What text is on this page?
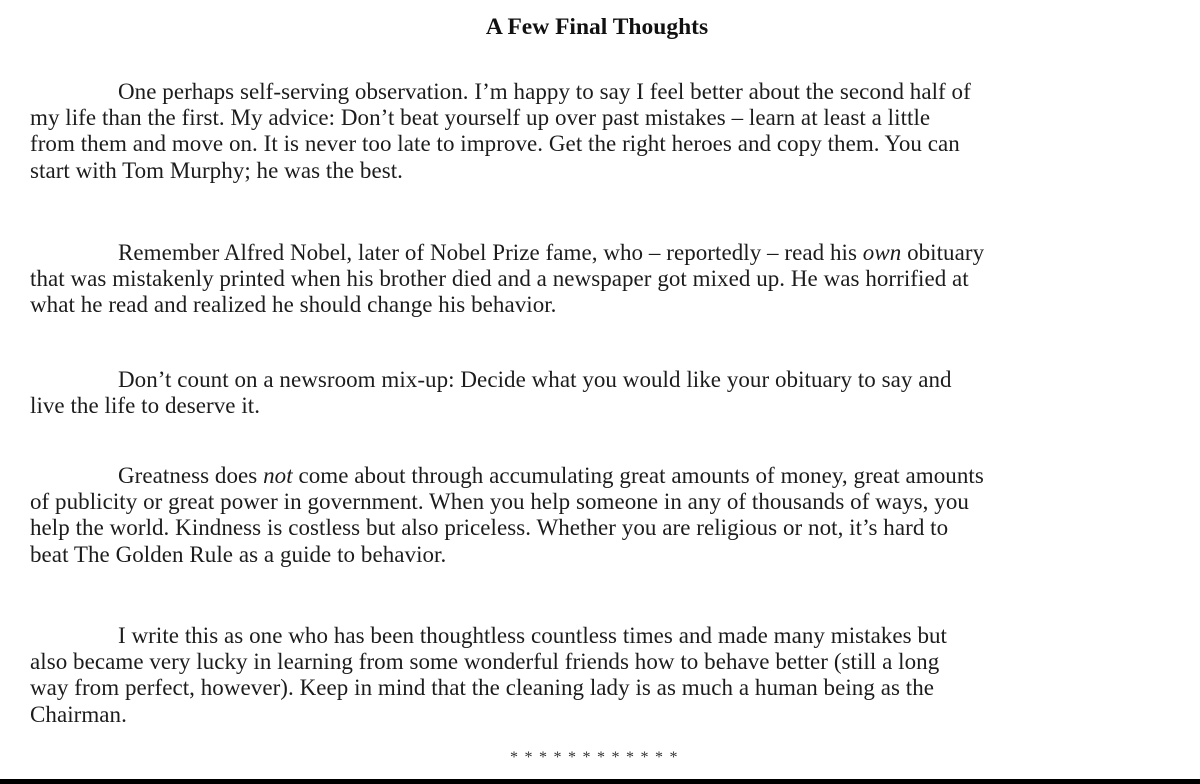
A Few Final Thoughts

One perhaps self-serving observation. I’m happy to say I feel better about the second half of
my life than the first. My advice: Don’t beat yourself up over past mistakes – learn at least a little
from them and move on. It is never too late to improve. Get the right heroes and copy them. You can
start with Tom Murphy; he was the best.

Remember Alfred Nobel, later of Nobel Prize fame, who – reportedly – read his own obituary
that was mistakenly printed when his brother died and a newspaper got mixed up. He was horrified at
what he read and realized he should change his behavior.

Don’t count on a newsroom mix-up: Decide what you would like your obituary to say and
live the life to deserve it.

Greatness does not come about through accumulating great amounts of money, great amounts
of publicity or great power in government. When you help someone in any of thousands of ways, you
help the world. Kindness is costless but also priceless. Whether you are religious or not, it’s hard to
beat The Golden Rule as a guide to behavior.

I write this as one who has been thoughtless countless times and made many mistakes but
also became very lucky in learning from some wonderful friends how to behave better (still a long
way from perfect, however). Keep in mind that the cleaning lady is as much a human being as the
Chairman.

************
